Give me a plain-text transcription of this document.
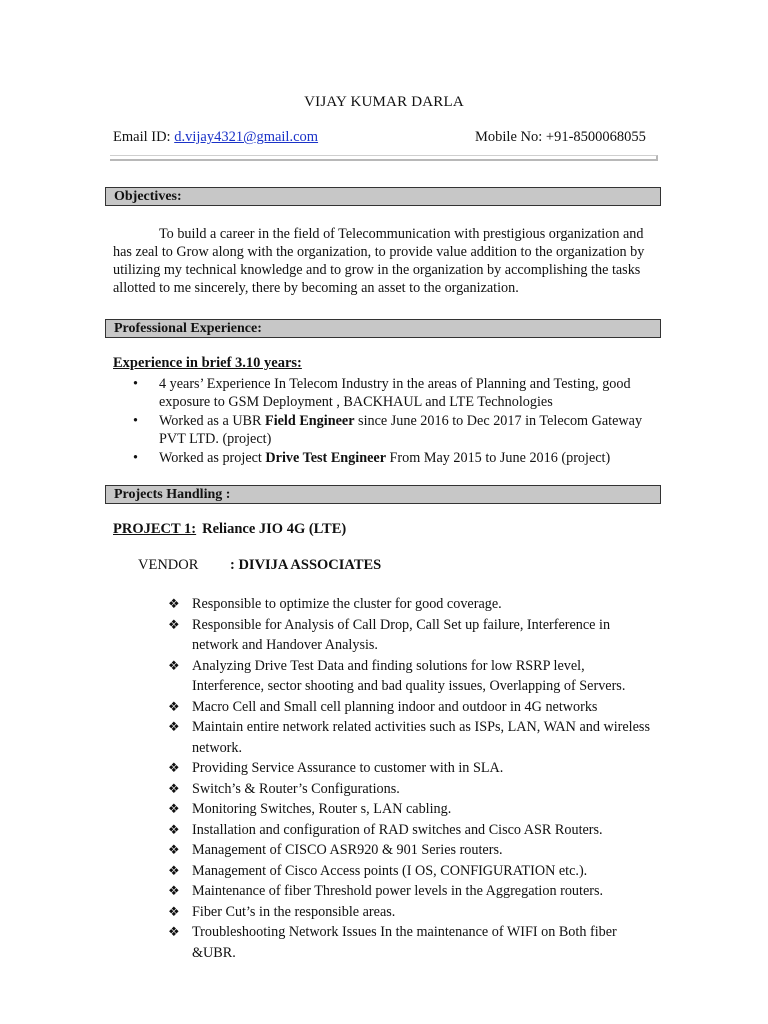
VIJAY KUMAR DARLA
Email ID: d.vijay4321@gmail.com	Mobile No: +91-8500068055
Objectives:
To build a career in the field of Telecommunication with prestigious organization and has zeal to Grow along with the organization, to provide value addition to the organization by utilizing my technical knowledge and to grow in the organization by accomplishing the tasks allotted to me sincerely, there by becoming an asset to the organization.
Professional Experience:
Experience in brief 3.10 years:
• 4 years’ Experience In Telecom Industry in the areas of Planning and Testing, good exposure to GSM Deployment , BACKHAUL and LTE Technologies
• Worked as a UBR Field Engineer since June 2016 to Dec 2017 in Telecom Gateway PVT LTD. (project)
• Worked as project Drive Test Engineer From May 2015 to June 2016 (project)
Projects Handling :
PROJECT 1: Reliance JIO 4G (LTE)
VENDOR : DIVIJA ASSOCIATES
❖ Responsible to optimize the cluster for good coverage.
❖ Responsible for Analysis of Call Drop, Call Set up failure, Interference in network and Handover Analysis.
❖ Analyzing Drive Test Data and finding solutions for low RSRP level, Interference, sector shooting and bad quality issues, Overlapping of Servers.
❖ Macro Cell and Small cell planning indoor and outdoor in 4G networks
❖ Maintain entire network related activities such as ISPs, LAN, WAN and wireless network.
❖ Providing Service Assurance to customer with in SLA.
❖ Switch’s & Router’s Configurations.
❖ Monitoring Switches, Router s, LAN cabling.
❖ Installation and configuration of RAD switches and Cisco ASR Routers.
❖ Management of CISCO ASR920 & 901 Series routers.
❖ Management of Cisco Access points (I OS, CONFIGURATION etc.).
❖ Maintenance of fiber Threshold power levels in the Aggregation routers.
❖ Fiber Cut’s in the responsible areas.
❖ Troubleshooting Network Issues In the maintenance of WIFI on Both fiber &UBR.
